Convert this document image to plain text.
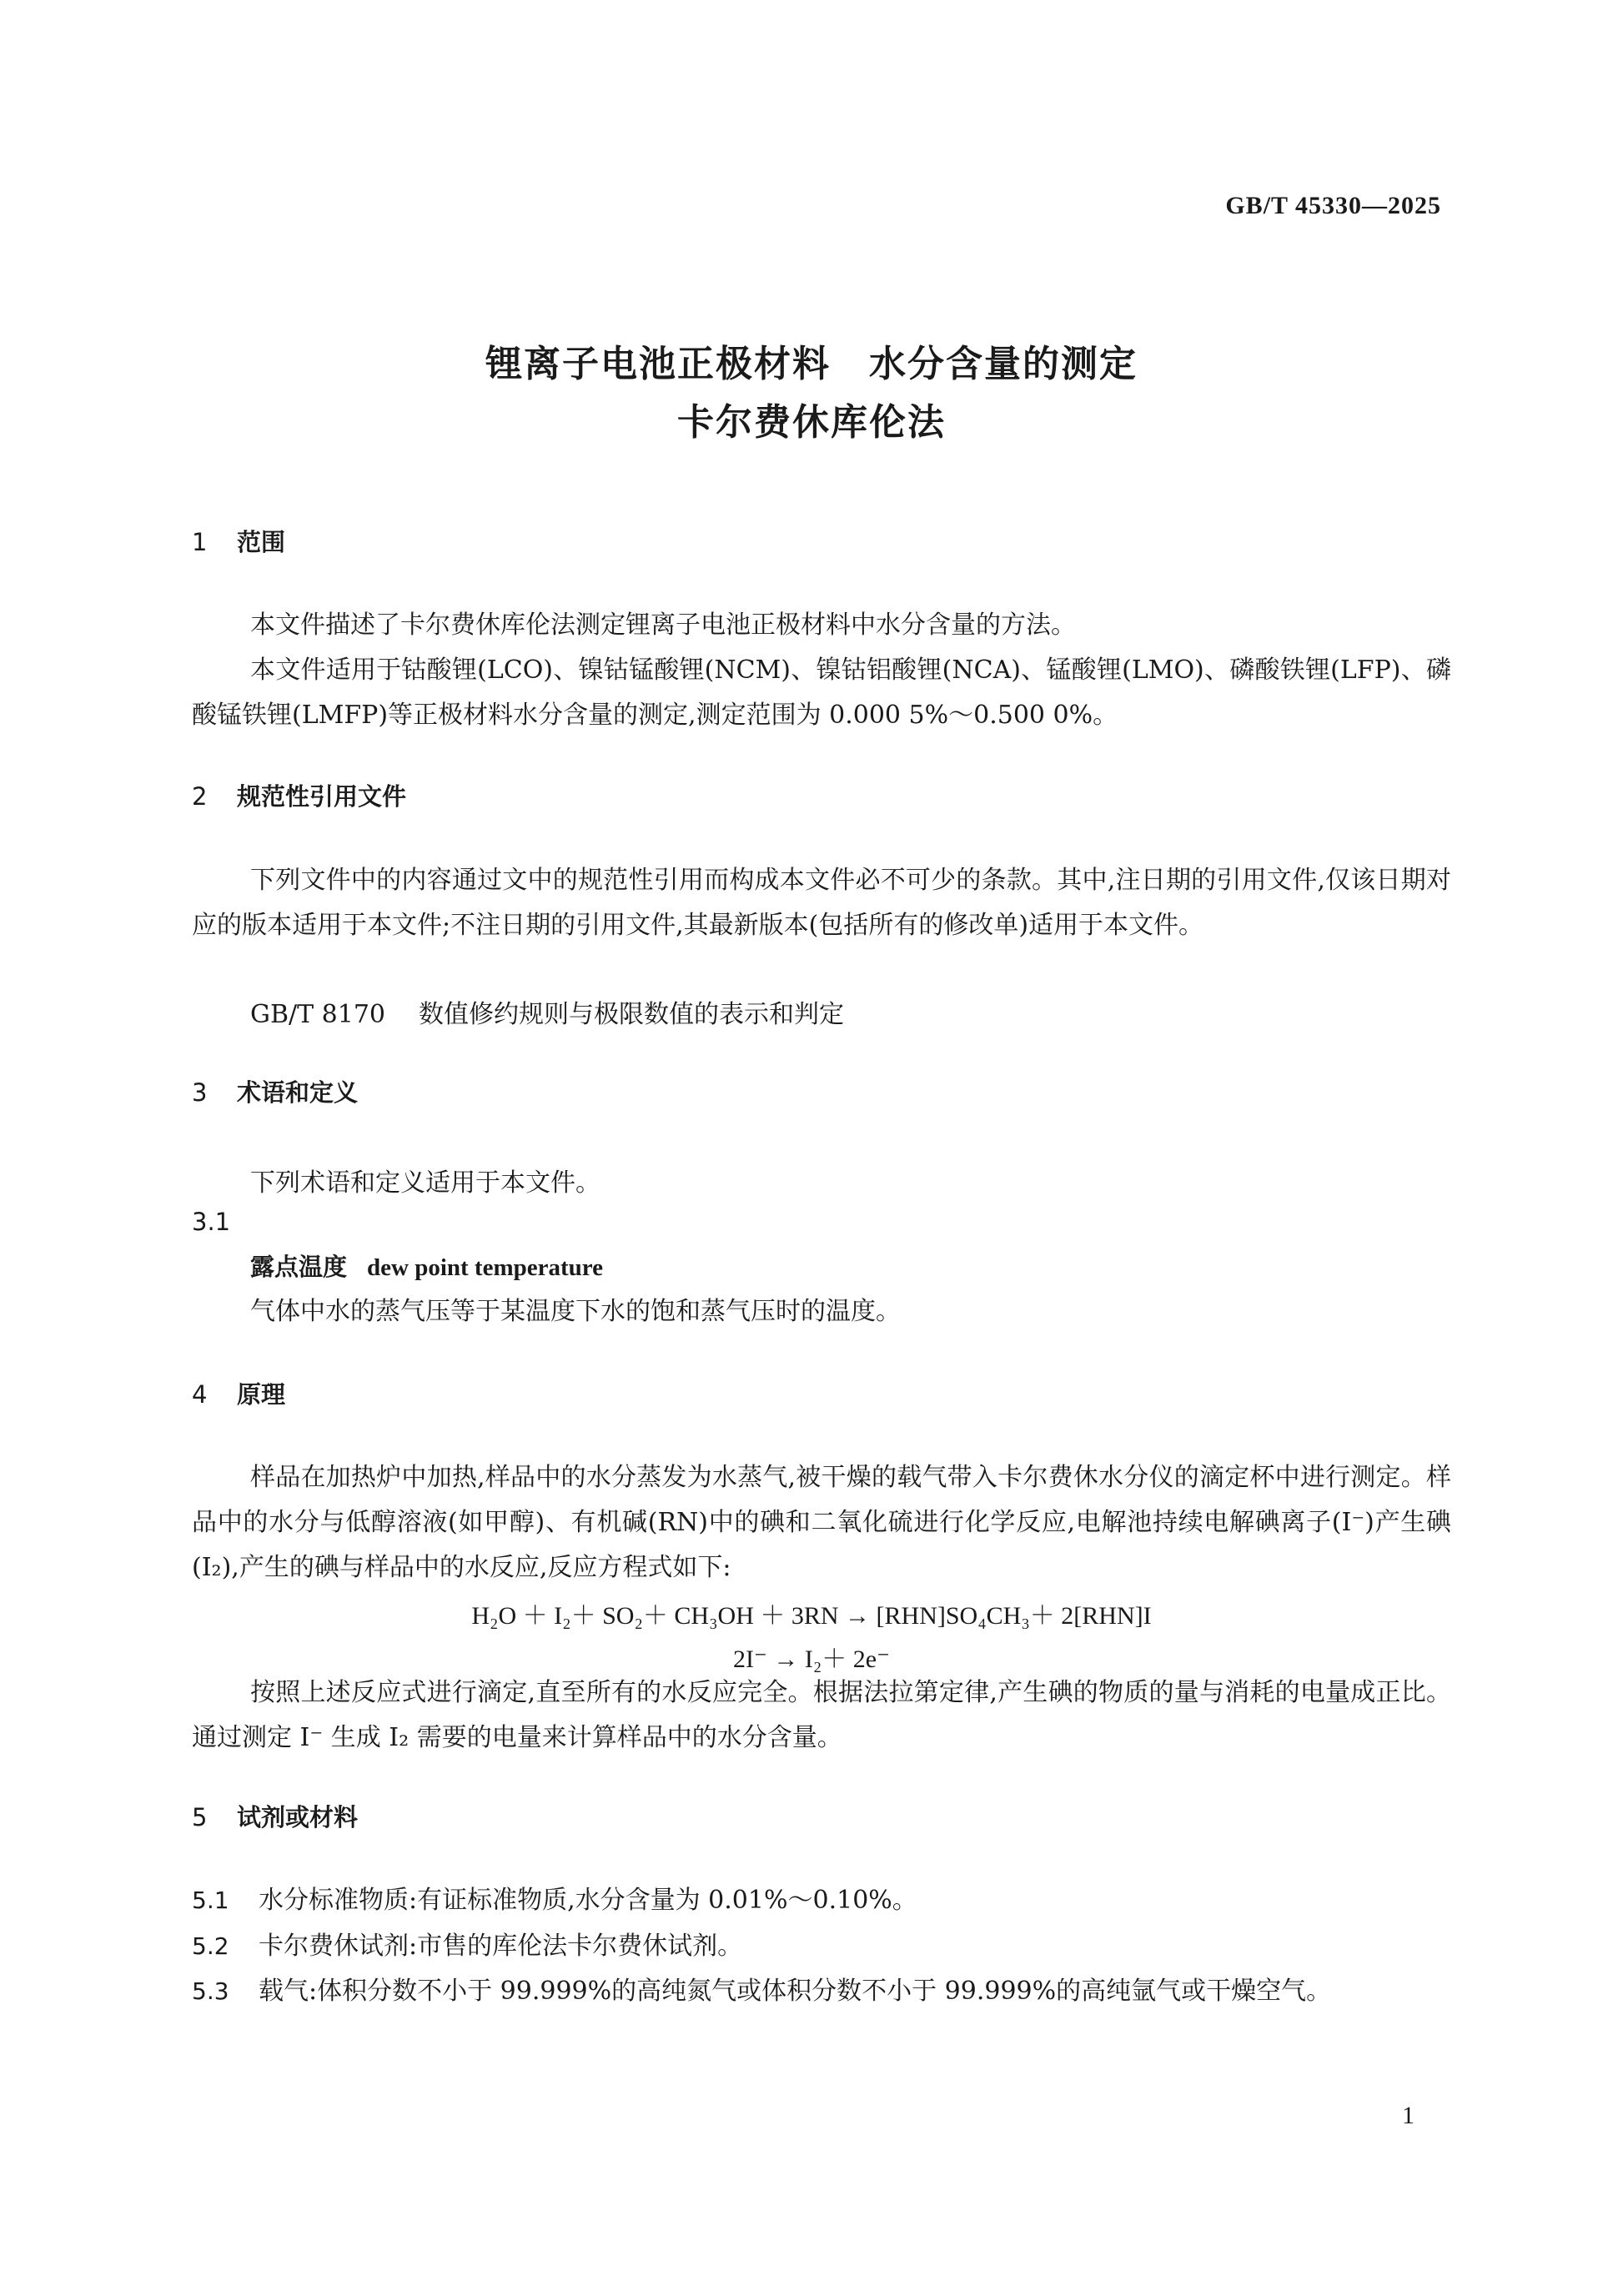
GB/T 45330—2025
锂离子电池正极材料　水分含量的测定
卡尔费休库伦法
1 范围
本文件描述了卡尔费休库伦法测定锂离子电池正极材料中水分含量的方法。
本文件适用于钴酸锂(LCO)、镍钴锰酸锂(NCM)、镍钴铝酸锂(NCA)、锰酸锂(LMO)、磷酸铁锂(LFP)、磷酸锰铁锂(LMFP)等正极材料水分含量的测定,测定范围为 0.000 5%～0.500 0%。
2 规范性引用文件
下列文件中的内容通过文中的规范性引用而构成本文件必不可少的条款。其中,注日期的引用文件,仅该日期对应的版本适用于本文件;不注日期的引用文件,其最新版本(包括所有的修改单)适用于本文件。
GB/T 8170 数值修约规则与极限数值的表示和判定
3 术语和定义
下列术语和定义适用于本文件。
3.1
露点温度 dew point temperature
气体中水的蒸气压等于某温度下水的饱和蒸气压时的温度。
4 原理
样品在加热炉中加热,样品中的水分蒸发为水蒸气,被干燥的载气带入卡尔费休水分仪的滴定杯中进行测定。样品中的水分与低醇溶液(如甲醇)、有机碱(RN)中的碘和二氧化硫进行化学反应,电解池持续电解碘离子(I⁻)产生碘(I₂),产生的碘与样品中的水反应,反应方程式如下:
H₂O ＋ I₂＋ SO₂＋ CH₃OH ＋ 3RN → [RHN]SO₄CH₃＋ 2[RHN]I
2I⁻ → I₂＋ 2e⁻
按照上述反应式进行滴定,直至所有的水反应完全。根据法拉第定律,产生碘的物质的量与消耗的电量成正比。通过测定 I⁻ 生成 I₂ 需要的电量来计算样品中的水分含量。
5 试剂或材料
5.1 水分标准物质:有证标准物质,水分含量为 0.01%～0.10%。
5.2 卡尔费休试剂:市售的库伦法卡尔费休试剂。
5.3 载气:体积分数不小于 99.999%的高纯氮气或体积分数不小于 99.999%的高纯氩气或干燥空气。
1
